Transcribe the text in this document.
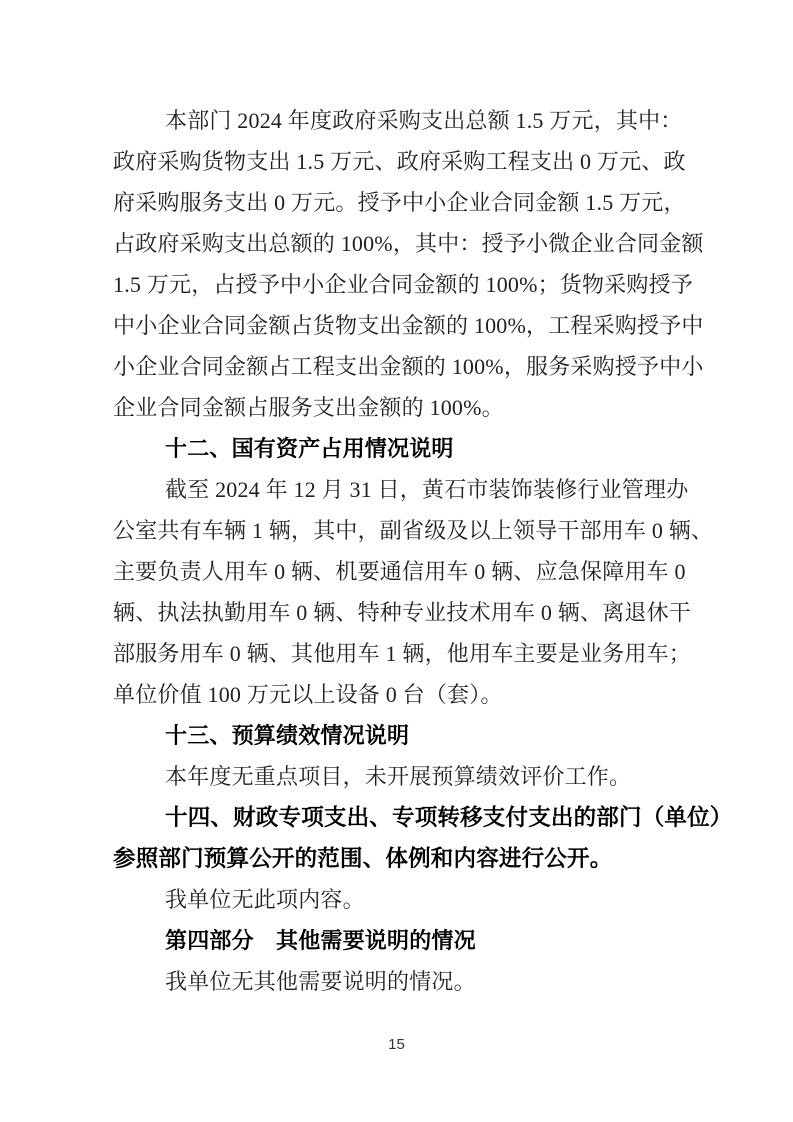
本部门 2024 年度政府采购支出总额 1.5 万元，其中：
政府采购货物支出 1.5 万元、政府采购工程支出 0 万元、政
府采购服务支出 0 万元。授予中小企业合同金额 1.5 万元，
占政府采购支出总额的 100%，其中：授予小微企业合同金额
1.5 万元，占授予中小企业合同金额的 100%；货物采购授予
中小企业合同金额占货物支出金额的 100%，工程采购授予中
小企业合同金额占工程支出金额的 100%，服务采购授予中小
企业合同金额占服务支出金额的 100%。
十二、国有资产占用情况说明
截至 2024 年 12 月 31 日，黄石市装饰装修行业管理办
公室共有车辆 1 辆，其中，副省级及以上领导干部用车 0 辆、
主要负责人用车 0 辆、机要通信用车 0 辆、应急保障用车 0
辆、执法执勤用车 0 辆、特种专业技术用车 0 辆、离退休干
部服务用车 0 辆、其他用车 1 辆，他用车主要是业务用车；
单位价值 100 万元以上设备 0 台（套）。
十三、预算绩效情况说明
本年度无重点项目，未开展预算绩效评价工作。
十四、财政专项支出、专项转移支付支出的部门（单位）
参照部门预算公开的范围、体例和内容进行公开。
我单位无此项内容。
第四部分　其他需要说明的情况
我单位无其他需要说明的情况。
15
